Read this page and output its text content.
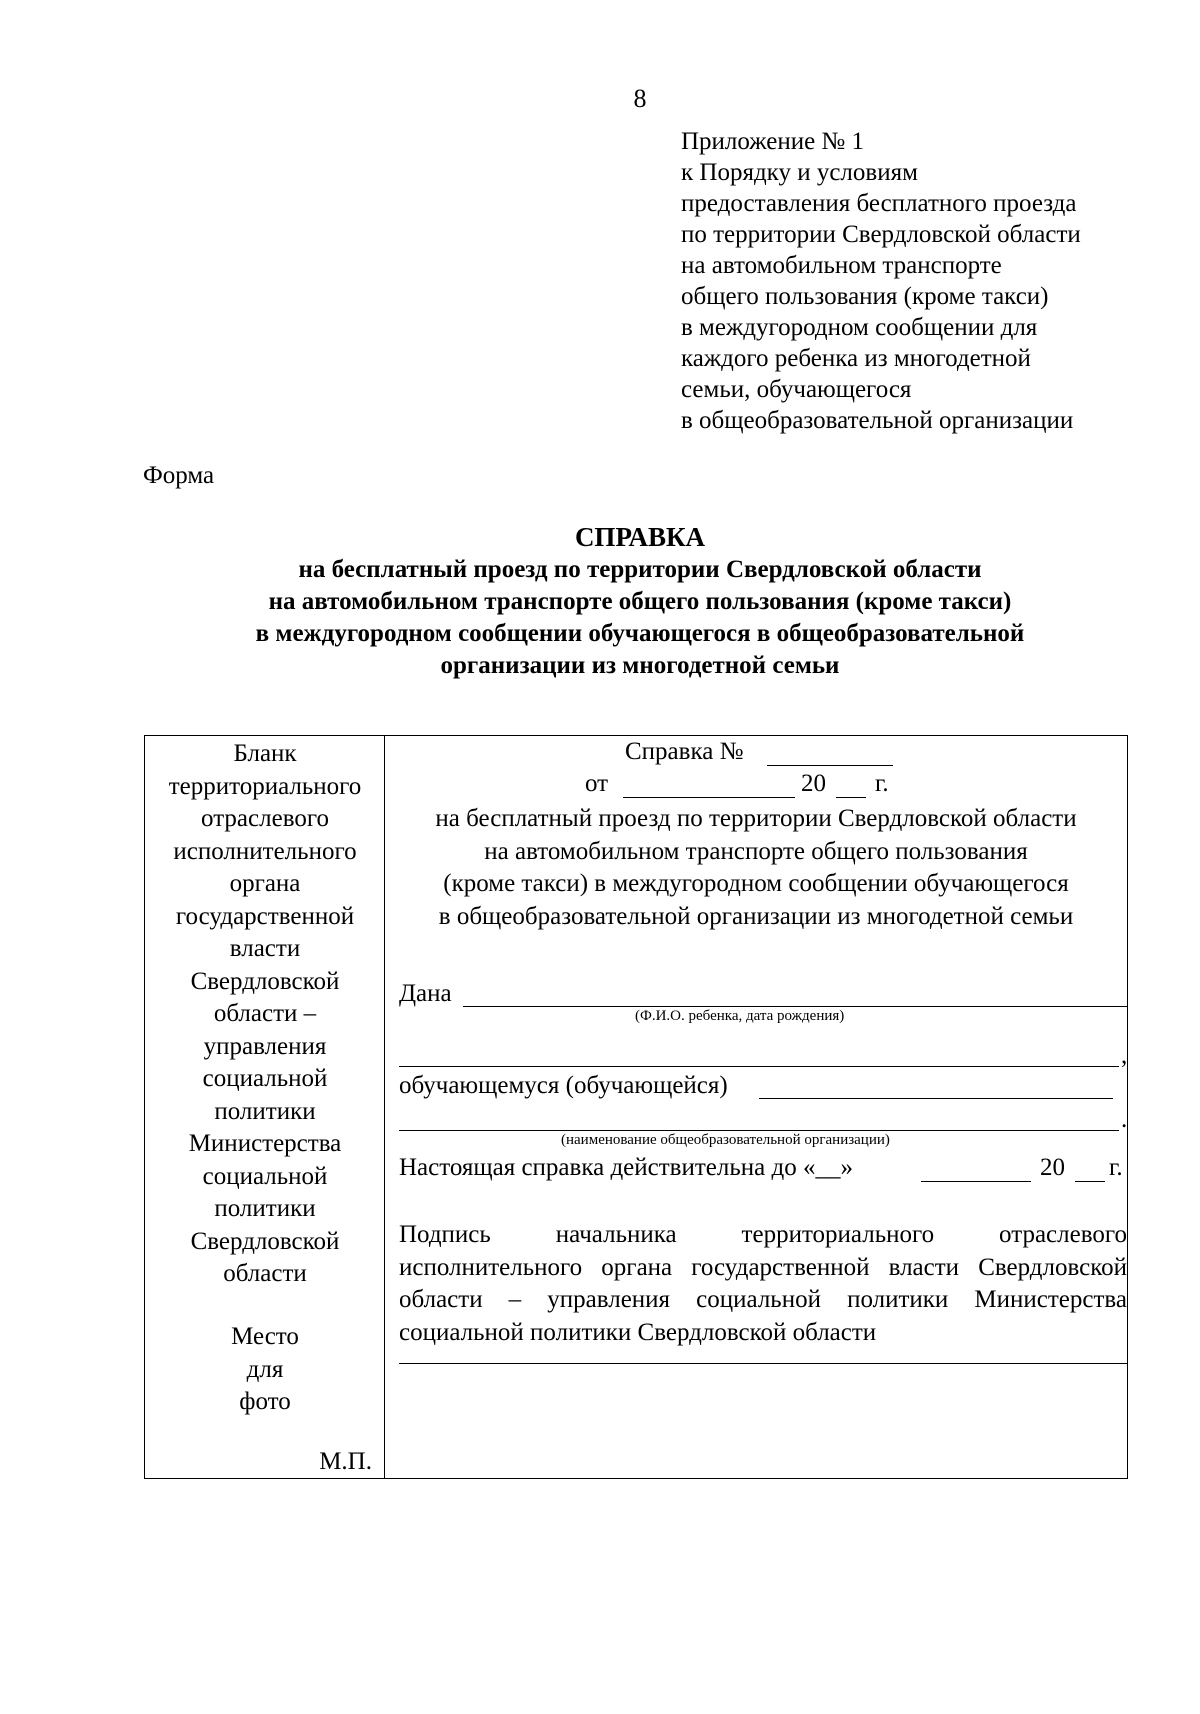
8
Приложение № 1
к Порядку и условиям
предоставления бесплатного проезда
по территории Свердловской области
на автомобильном транспорте
общего пользования (кроме такси)
в междугородном сообщении для
каждого ребенка из многодетной
семьи, обучающегося
в общеобразовательной организации
Форма
СПРАВКА
на бесплатный проезд по территории Свердловской области
на автомобильном транспорте общего пользования (кроме такси)
в междугородном сообщении обучающегося в общеобразовательной
организации из многодетной семьи
Бланк
территориального
отраслевого
исполнительного
органа
государственной
власти
Свердловской
области –
управления
социальной
политики
Министерства
социальной
политики
Свердловской
области
Место
для
фото
М.П.
Справка №
от	20 г.
на бесплатный проезд по территории Свердловской области
на автомобильном транспорте общего пользования
(кроме такси) в междугородном сообщении обучающегося
в общеобразовательной организации из многодетной семьи
Дана
(Ф.И.О. ребенка, дата рождения)
,
обучающемуся (обучающейся)
.
(наименование общеобразовательной организации)
Настоящая справка действительна до «__»	20 г.
Подпись начальника территориального отраслевого исполнительного органа государственной власти Свердловской области – управления социальной политики Министерства социальной политики Свердловской области
